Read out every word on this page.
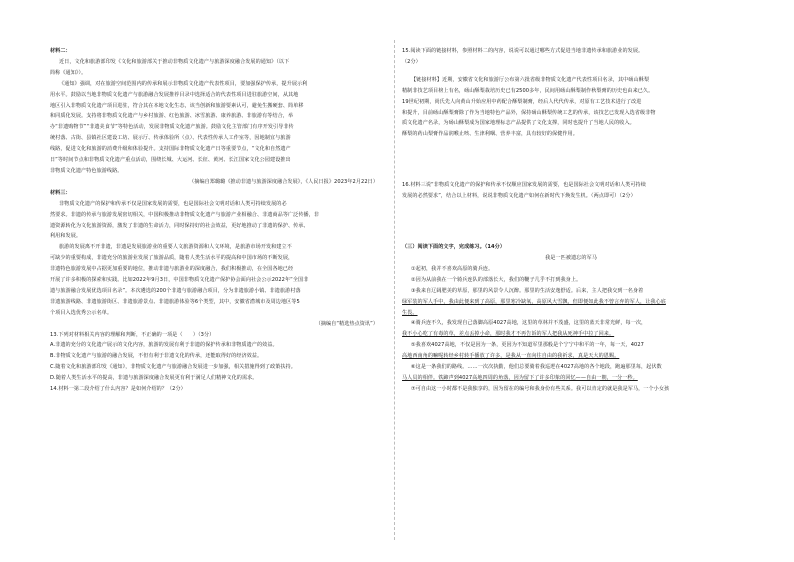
材料二：
近日，文化和旅游部印发《文化和旅游部关于推动非物质文化遗产与旅游深度融合发展的通知》（以下
简称《通知》）。
《通知》强调，对在旅游空间范围内的传承和展示非物质文化遗产代表性项目，要加强保护传承，提升展示利
用水平。鼓励以当地非物质文化遗产与旅游融合发展推荐目录中选择适合的代表性项目进驻旅游空间，从其地
地区引入非物质文化遗产项目进驻，符合其在本地文化生态，该当创新和旅游要素认可，避免生搬硬套、简单移
和同质化发展。支持将非物质文化遗产与乡村旅游、红色旅游、冰雪旅游、康养旅游、非旅游有等结合，举
办“非遗购物节”“非遗美食节”等特色活动，发展非物质文化遗产旅游。鼓励文化主管部门有序开发引导非传
统村落、古街、县镇社区建设工坊、展示厅、传承体验所（点）、代表性传承人工作室等，因地制宜与旅游
线路，促进文化和旅游的消费升级和体验提升。支持国际非物质文化遗产日等重要节点，“文化和自然遗产
日”等时间节点和非物质文化遗产重点活动，围绕长城、大运河、长征、黄河、长江国家文化公园建设推出
非物质文化遗产特色旅游线路。
（摘编自郑璐璐《推动非遗与旅游深度融合发展》，《人民日报》2023年2月22日）
材料三：
非物质文化遗产的保护和传承不仅是国家发展的需要，也是国际社会文明对话和人类可持续发展的必
然要求。非遗的传承与旅游发展密切相关，中国积极推动非物质文化遗产与旅游产业相融合、非遗商品等广泛传播，非
遗资源转化为文化旅游资源，激发了非遗的生命活力，同时保持好的社会效益，更好地推动了非遗的保护、传承、
利用和发展。
旅游的发展离不开非遗，非遗是发展旅游业的重要人文旅游资源和人文环境，是旅游市场开发和建立不
可缺少的重要构成，非遗充分的旅游业发展了旅游品质，随着人类生活水平的提高和中国市场的不断发展，
非遗特色旅游发展中占据更加重要的地位，推动非遗与旅游业的深度融合，我们积极推动，在全国各地已经
开展了许多积极的探索和实践。比如2022年9月3日，中国非物质文化遗产保护协会面向社会公示2022年“全国非
遗与旅游融合发展优选项目名录”。本次遴选的200个非遗与旅游融合项目，分为非遗旅游小镇、非遗旅游村落
非遗旅游线路、非遗旅游街区、非遗旅游景点、非遗旅游体验等6个类型，其中，安徽省潜城市及周边地区等5
个项目入选优秀公示名单。
（摘编自“精选热点资讯”）
13.下列对材料相关内容的理解和判断，不正确的一项是（　　）（3分）
A.非遗的充分的文化遗产展示的文化内容，旅游的发展有利于非遗的保护传承和非物质遗产的效益。
B.非物质文化遗产与旅游的融合发展，不但有利于非遗文化的传承，还能取得好的经济效益。
C.随着文化和旅游部印发《通知》，非物质文化遗产与旅游融合发展进一步加强，相关措施得到了政策扶持。
D.随着人类生活水平的提高，非遗与旅游深度融合发展更有利于满足人们精神文化的需求。
14.材料一第二段介绍了什么内容？是如何介绍的？（2分）
15.阅读下面的链接材料，参照材料二的内容，说说可以通过哪些方式促进当地非遗传承和旅游业的发展。
（2分）
【链接材料】近期，安徽省文化和旅游厅公布第六批省级非物质文化遗产代表性项目名录，其中砀山酥梨
精制非技艺项目榜上有名，砀山酥梨栽培历史已有2500多年，民间用砀山酥梨制作秋梨膏的历史也由来已久。
19世纪初期，尚氏先人向黄山升始应用中药配合酥梨制膏，经后人代代传承，对原有工艺技术进行了改进
和提升，目前砀山酥梨膏除了作为当地特色产品外，保持砀山酥梨传统工艺的传承，该技艺已发现入选省级非物
质文化遗产名录，为砀山酥梨成为国家地理标志产品提供了文化支撑，同时也提升了当地人民的收入。
酥梨的药山梨膏作品润喉止咳、生津利咽、营养丰富，具有较好的保健作用。
16.材料三说“非物质文化遗产的保护和传承不仅顺应国家发展的需要，也是国际社会文明对话和人类可持续
发展的必然要求”，结合以上材料，说说非物质文化遗产如何在新时代下焕发生机。（两点即可）（2分）
（三）阅读下面的文字，完成练习。（14分）
我是一匹被遗忘的军马
①起初，我并不喜欢高原的骑兵连。
②因为从前我在一个骑兵连队的部落长大，我们的鞭子几乎不打到我身上。
③我来自辽阔肥美的草原，那里的风景令人沉醉。那里的生活安逸舒适。后来，主人把我交到一名身着
绿军装的军人手中，我由此便来到了高原，那里寒冷缺氧，高原风大雪飘，但即便如此我不曾言弃的军人，让我心底
生畏。
④骑兵连不久，我发现自己落脚高原4027高地，这里的草林并不茂盛，这里的蓝天非常光鲜，每一次，
我不小心吃了有毒的草，差点丢掉小命，那时我才不再告诉的军人把我从死神手中拉了回来。
⑤我喜欢4027高地，不仅是因为一条，更因为不知道军里那般是个宁宁中和平的一年，每一天，4027
高地西南角的嘛呢转经乡村转手播放了许多，是我从一直向往自由的我祈求，真是天大的恩赐。
⑥这是一条我们的路线。……一次次执勤，他们总要骑着我巡逻在4027高地的各个地段，跑遍那里每，起伏数
马人员的相伴。铁蹄声到4027高地四周的角落，因为留下了许多印象的回忆——自由一朝，一分一秒。
⑦可自由这一小时都不是我独享的，因为留在的编号和我身份有些关系。我可以肯定的就是我是军马，一个小女孩
